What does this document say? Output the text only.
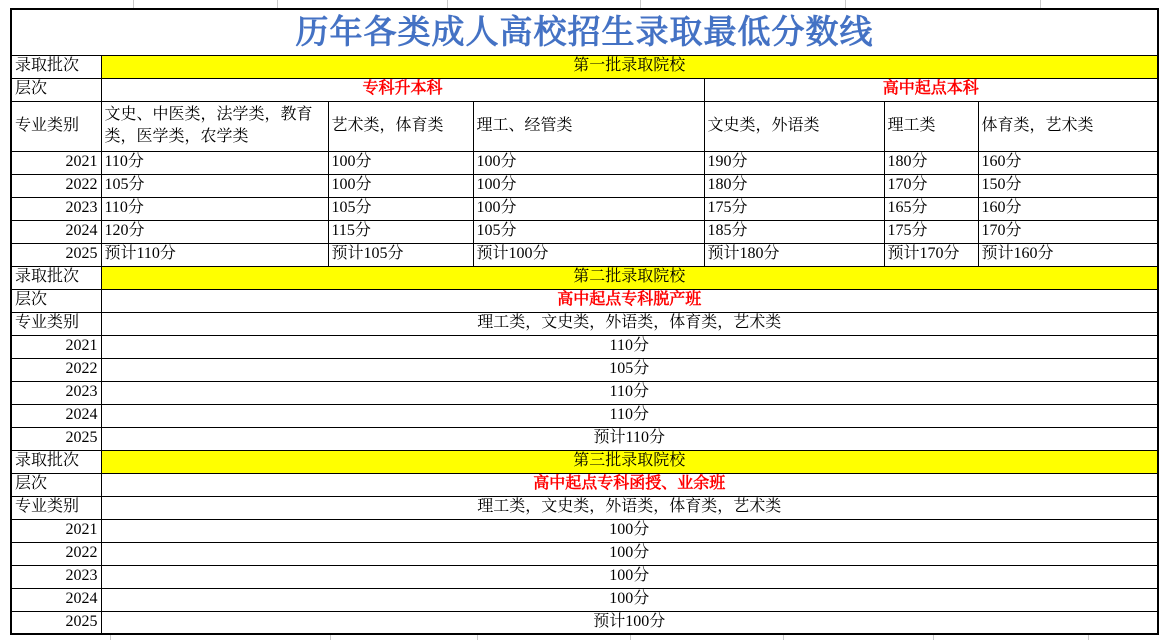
历年各类成人高校招生录取最低分数线						
录取批次	第一批录取院校					
层次	专科升本科			高中起点本科		
专业类别	文史、中医类，法学类，教育类，医学类，农学类	艺术类，体育类	理工、经管类	文史类，外语类	理工类	体育类，艺术类
2021	110分	100分	100分	190分	180分	160分
2022	105分	100分	100分	180分	170分	150分
2023	110分	105分	100分	175分	165分	160分
2024	120分	115分	105分	185分	175分	170分
2025	预计110分	预计105分	预计100分	预计180分	预计170分	预计160分
录取批次	第二批录取院校					
层次	高中起点专科脱产班					
专业类别	理工类，文史类，外语类，体育类，艺术类					
2021	110分					
2022	105分					
2023	110分					
2024	110分					
2025	预计110分					
录取批次	第三批录取院校					
层次	高中起点专科函授、业余班					
专业类别	理工类，文史类，外语类，体育类，艺术类					
2021	100分					
2022	100分					
2023	100分					
2024	100分					
2025	预计100分					
